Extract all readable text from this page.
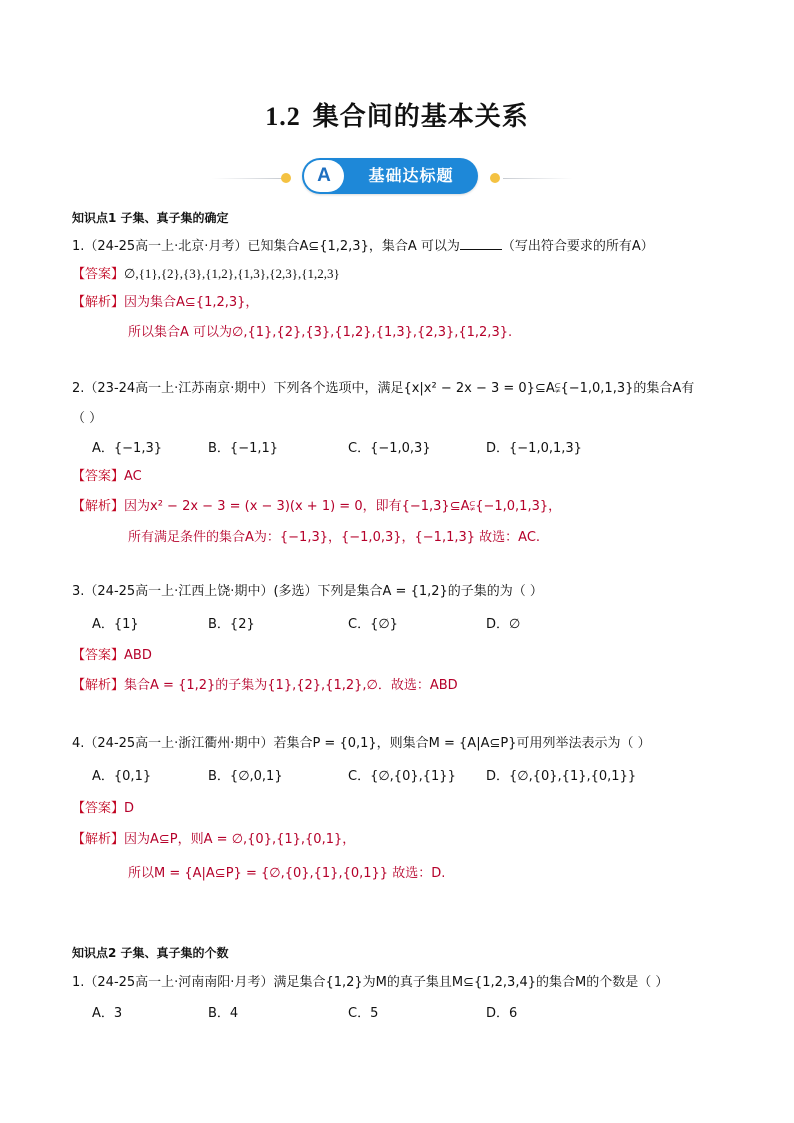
1.2 集合间的基本关系
A	基础达标题
知识点1 子集、真子集的确定
1.（24-25高一上·北京·月考）已知集合A⊆{1,2,3}，集合A 可以为	（写出符合要求的所有A）
【答案】∅,{1},{2},{3},{1,2},{1,3},{2,3},{1,2,3}
【解析】因为集合A⊆{1,2,3}，
所以集合A 可以为∅,{1},{2},{3},{1,2},{1,3},{2,3},{1,2,3}.
2.（23-24高一上·江苏南京·期中）下列各个选项中，满足{x|x² − 2x − 3 = 0}⊆A⫋{−1,0,1,3}的集合A有
（ ）
A．{−1,3}	B．{−1,1}	C．{−1,0,3}	D．{−1,0,1,3}
【答案】AC
【解析】因为x² − 2x − 3 = (x − 3)(x + 1) = 0，即有{−1,3}⊆A⫋{−1,0,1,3}，
所有满足条件的集合A为：{−1,3}，{−1,0,3}，{−1,1,3} 故选：AC.
3.（24-25高一上·江西上饶·期中）(多选）下列是集合A = {1,2}的子集的为（ ）
A．{1}	B．{2}	C．{∅}	D．∅
【答案】ABD
【解析】集合A = {1,2}的子集为{1},{2},{1,2},∅．故选：ABD
4.（24-25高一上·浙江衢州·期中）若集合P = {0,1}，则集合M = {A|A⊆P}可用列举法表示为（ ）
A．{0,1}	B．{∅,0,1}	C．{∅,{0},{1}} D．{∅,{0},{1},{0,1}}
【答案】D
【解析】因为A⊆P，则A = ∅,{0},{1},{0,1}，
所以M = {A|A⊆P} = {∅,{0},{1},{0,1}} 故选：D.
知识点2 子集、真子集的个数
1.（24-25高一上·河南南阳·月考）满足集合{1,2}为M的真子集且M⊆{1,2,3,4}的集合M的个数是（ ）
A．3	B．4	C．5	D．6
